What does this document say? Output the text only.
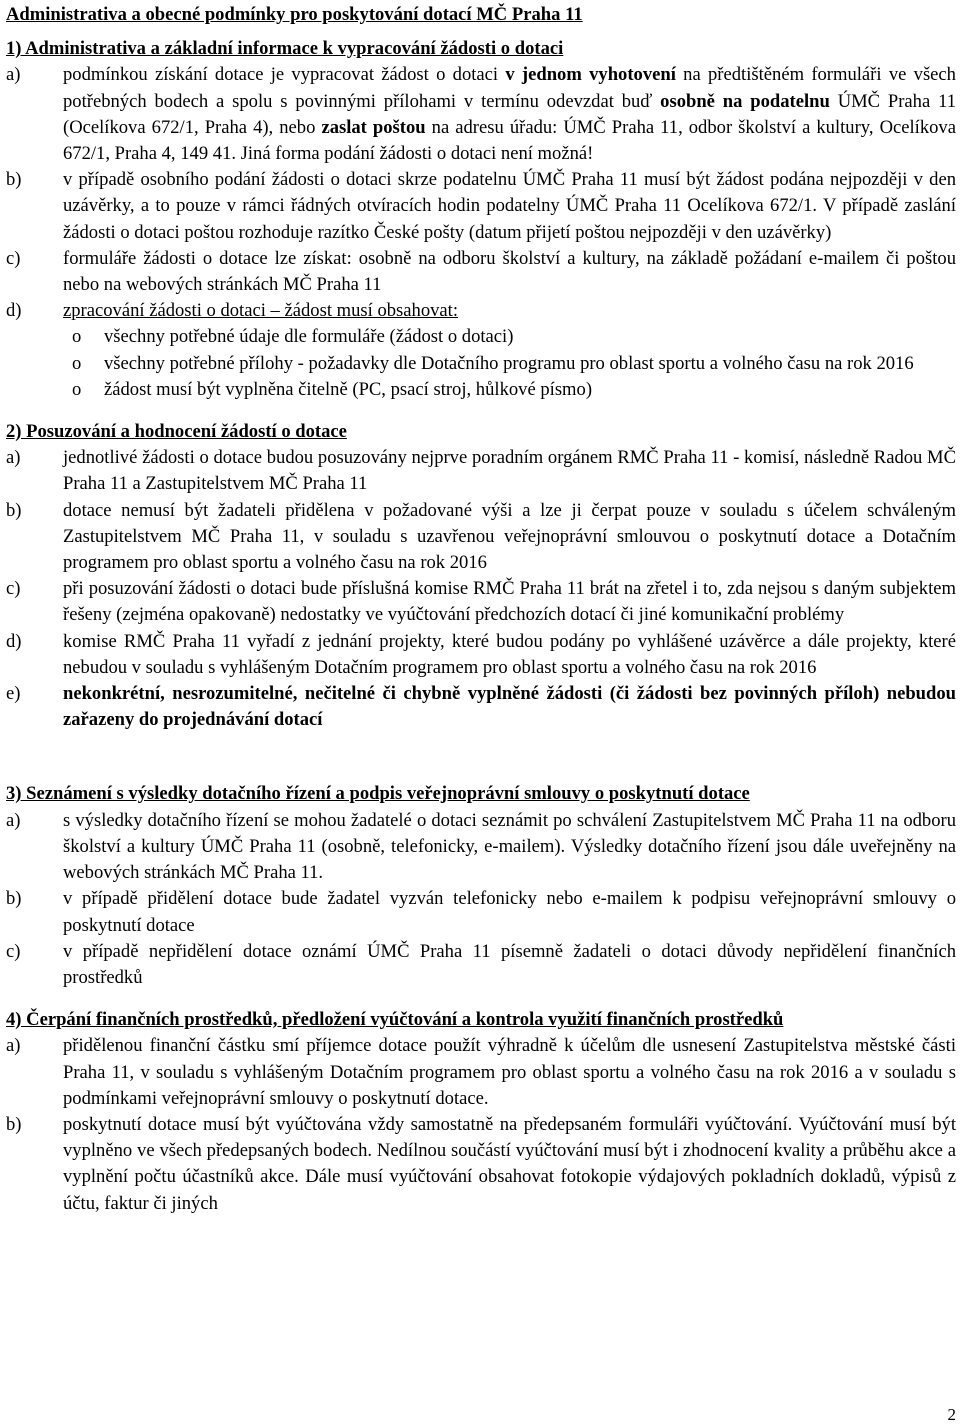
Administrativa a obecné podmínky pro poskytování dotací MČ Praha 11
1) Administrativa a základní informace k vypracování žádosti o dotaci
a)	podmínkou získání dotace je vypracovat žádost o dotaci v jednom vyhotovení na předtištěném formuláři ve všech potřebných bodech a spolu s povinnými přílohami v termínu odevzdat buď osobně na podatelnu ÚMČ Praha 11 (Ocelíkova 672/1, Praha 4), nebo zaslat poštou na adresu úřadu: ÚMČ Praha 11, odbor školství a kultury, Ocelíkova 672/1, Praha 4, 149 41. Jiná forma podání žádosti o dotaci není možná!
b)	v případě osobního podání žádosti o dotaci skrze podatelnu ÚMČ Praha 11 musí být žádost podána nejpozději v den uzávěrky, a to pouze v rámci řádných otvíracích hodin podatelny ÚMČ Praha 11 Ocelíkova 672/1. V případě zaslání žádosti o dotaci poštou rozhoduje razítko České pošty (datum přijetí poštou nejpozději v den uzávěrky)
c)	formuláře žádosti o dotace lze získat: osobně na odboru školství a kultury, na základě požádaní e-mailem či poštou nebo na webových stránkách MČ Praha 11
d)	zpracování žádosti o dotaci – žádost musí obsahovat:
o	všechny potřebné údaje dle formuláře (žádost o dotaci)
o	všechny potřebné přílohy - požadavky dle Dotačního programu pro oblast sportu a volného času na rok 2016
o	žádost musí být vyplněna čitelně (PC, psací stroj, hůlkové písmo)
2) Posuzování a hodnocení žádostí o dotace
a)	jednotlivé žádosti o dotace budou posuzovány nejprve poradním orgánem RMČ Praha 11 - komisí, následně Radou MČ Praha 11 a Zastupitelstvem MČ Praha 11
b)	dotace nemusí být žadateli přidělena v požadované výši a lze ji čerpat pouze v souladu s účelem schváleným Zastupitelstvem MČ Praha 11, v souladu s uzavřenou veřejnoprávní smlouvou o poskytnutí dotace a Dotačním programem pro oblast sportu a volného času na rok 2016
c)	při posuzování žádosti o dotaci bude příslušná komise RMČ Praha 11 brát na zřetel i to, zda nejsou s daným subjektem řešeny (zejména opakovaně) nedostatky ve vyúčtování předchozích dotací či jiné komunikační problémy
d)	komise RMČ Praha 11 vyřadí z jednání projekty, které budou podány po vyhlášené uzávěrce a dále projekty, které nebudou v souladu s vyhlášeným Dotačním programem pro oblast sportu a volného času na rok 2016
e)	nekonkrétní, nesrozumitelné, nečitelné či chybně vyplněné žádosti (či žádosti bez povinných příloh) nebudou zařazeny do projednávání dotací
3) Seznámení s výsledky dotačního řízení a podpis veřejnoprávní smlouvy o poskytnutí dotace
a)	s výsledky dotačního řízení se mohou žadatelé o dotaci seznámit po schválení Zastupitelstvem MČ Praha 11 na odboru školství a kultury ÚMČ Praha 11 (osobně, telefonicky, e-mailem). Výsledky dotačního řízení jsou dále uveřejněny na webových stránkách MČ Praha 11.
b)	v případě přidělení dotace bude žadatel vyzván telefonicky nebo e-mailem k podpisu veřejnoprávní smlouvy o poskytnutí dotace
c)	v případě nepřidělení dotace oznámí ÚMČ Praha 11 písemně žadateli o dotaci důvody nepřidělení finančních prostředků
4) Čerpání finančních prostředků, předložení vyúčtování a kontrola využití finančních prostředků
a)	přidělenou finanční částku smí příjemce dotace použít výhradně k účelům dle usnesení Zastupitelstva městské části Praha 11, v souladu s vyhlášeným Dotačním programem pro oblast sportu a volného času na rok 2016 a v souladu s podmínkami veřejnoprávní smlouvy o poskytnutí dotace.
b)	poskytnutí dotace musí být vyúčtována vždy samostatně na předepsaném formuláři vyúčtování. Vyúčtování musí být vyplněno ve všech předepsaných bodech. Nedílnou součástí vyúčtování musí být i zhodnocení kvality a průběhu akce a vyplnění počtu účastníků akce. Dále musí vyúčtování obsahovat fotokopie výdajových pokladních dokladů, výpisů z účtu, faktur či jiných
2
